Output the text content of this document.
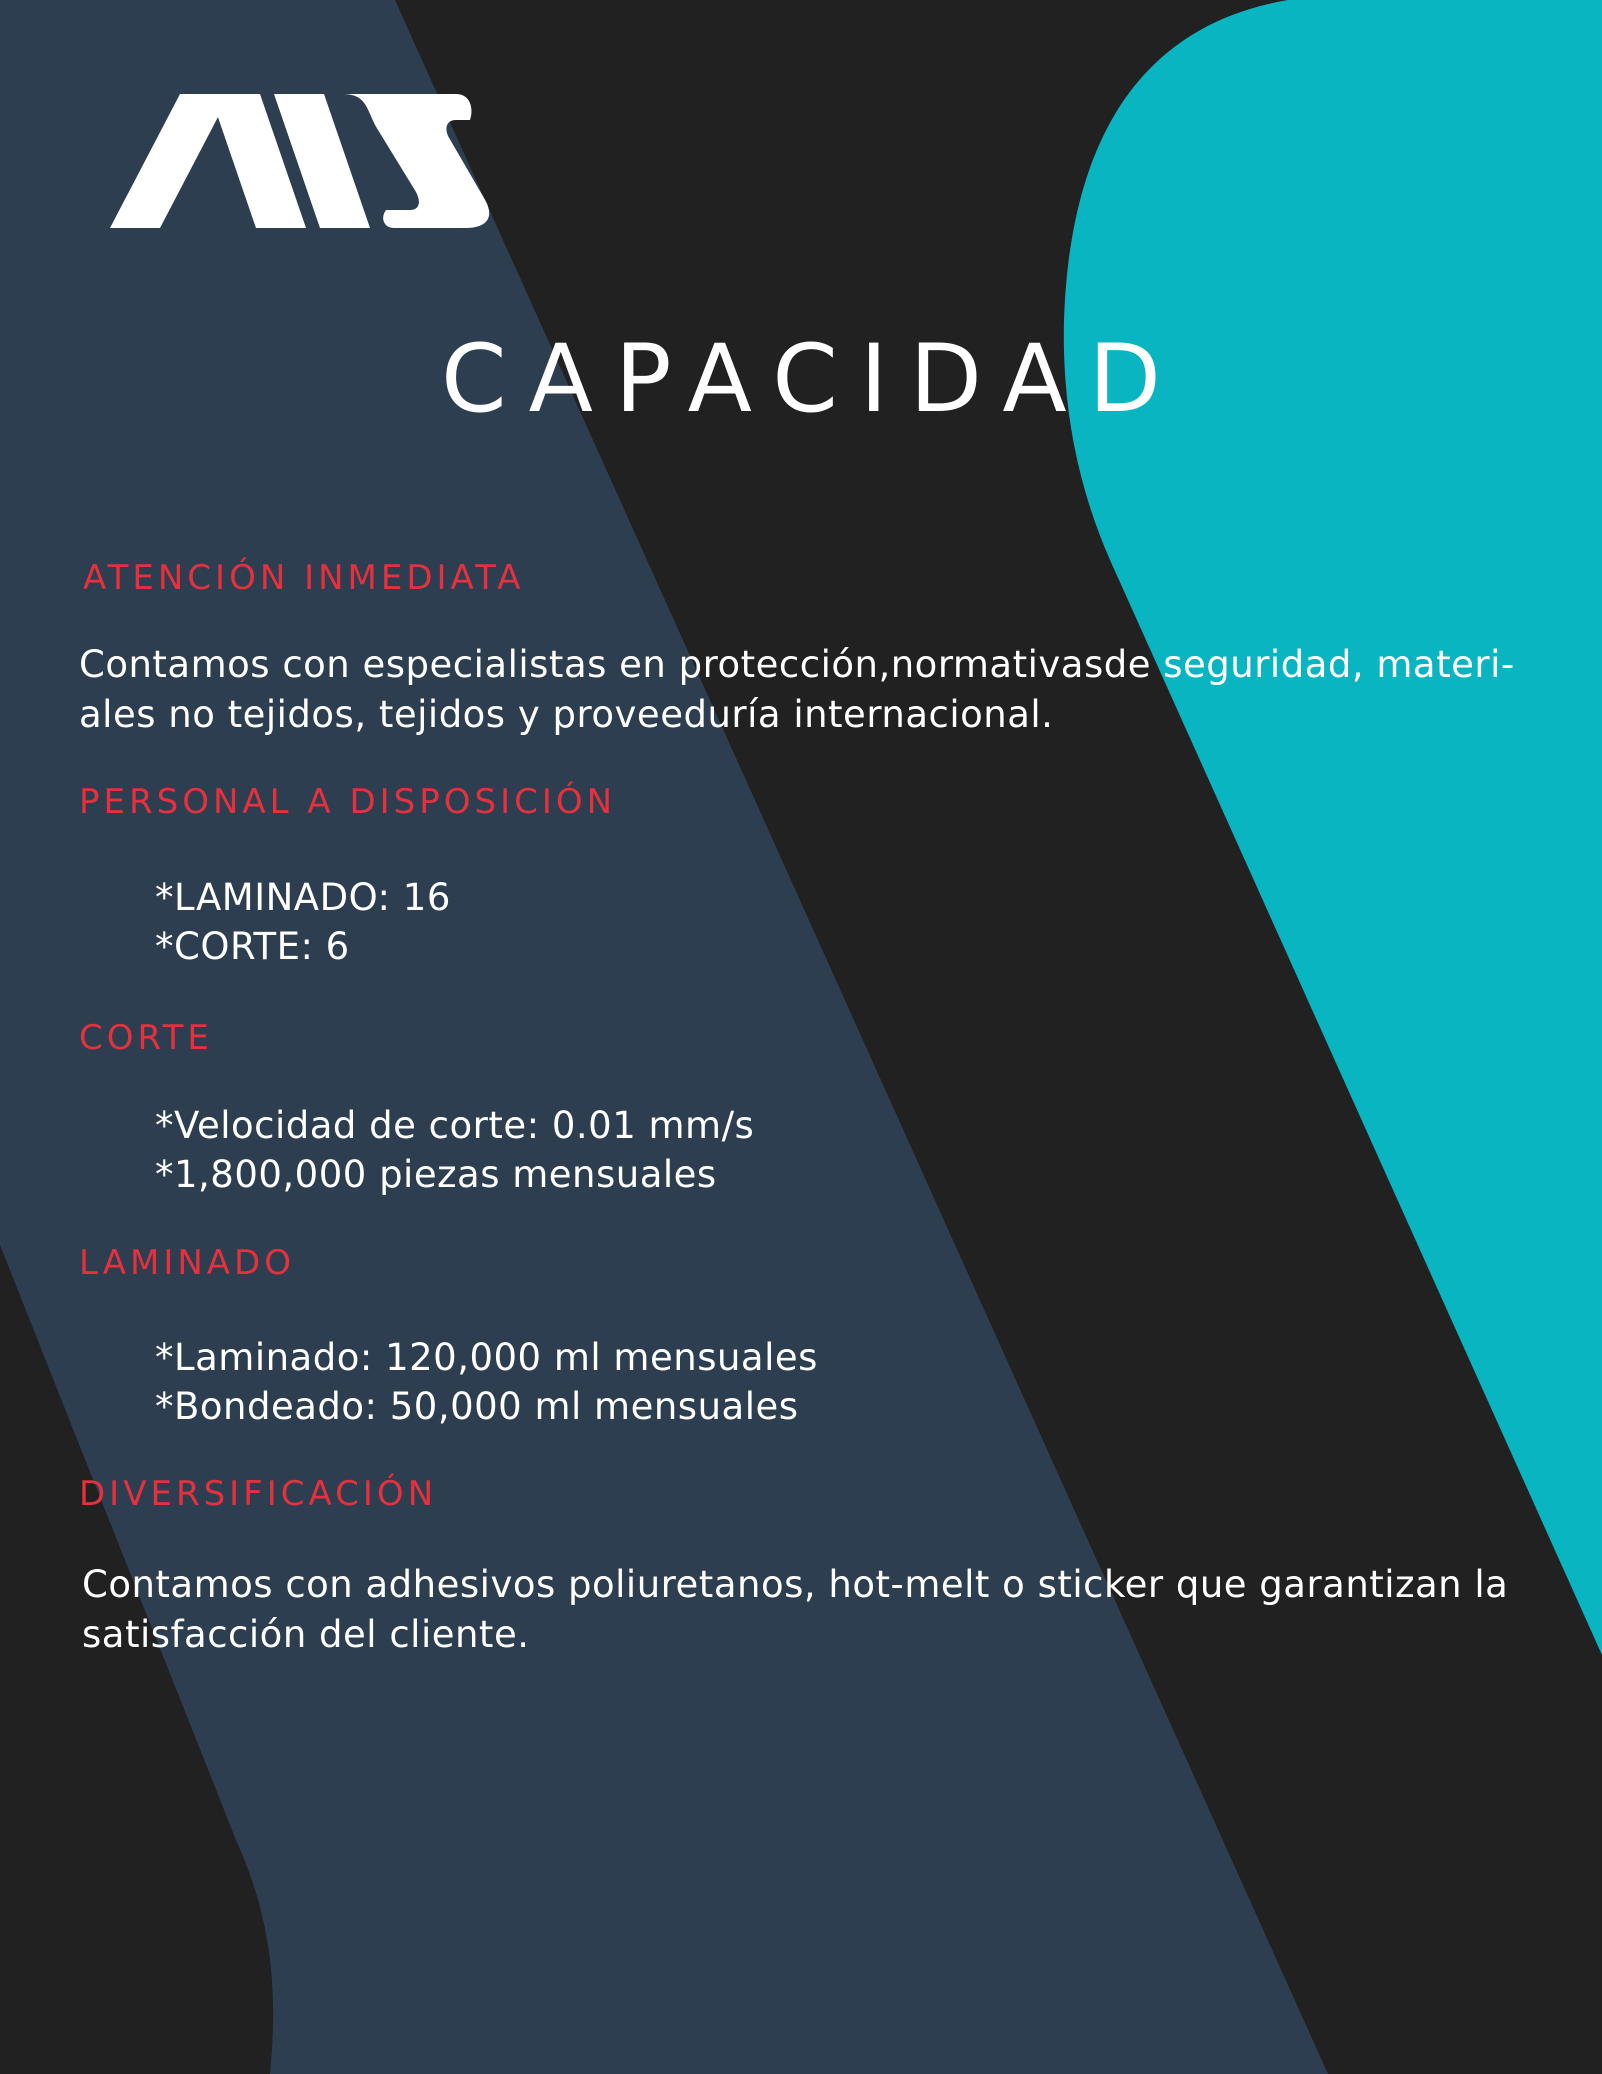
CAPACIDAD
ATENCIÓN INMEDIATA
Contamos con especialistas en protección,normativasde seguridad, materi-ales no tejidos, tejidos y proveeduría internacional.
PERSONAL A DISPOSICIÓN
*LAMINADO: 16
*CORTE: 6
CORTE
*Velocidad de corte: 0.01 mm/s
*1,800,000 piezas mensuales
LAMINADO
*Laminado: 120,000 ml mensuales
*Bondeado: 50,000 ml mensuales
DIVERSIFICACIÓN
Contamos con adhesivos poliuretanos, hot-melt o sticker que garantizan la satisfacción del cliente.
